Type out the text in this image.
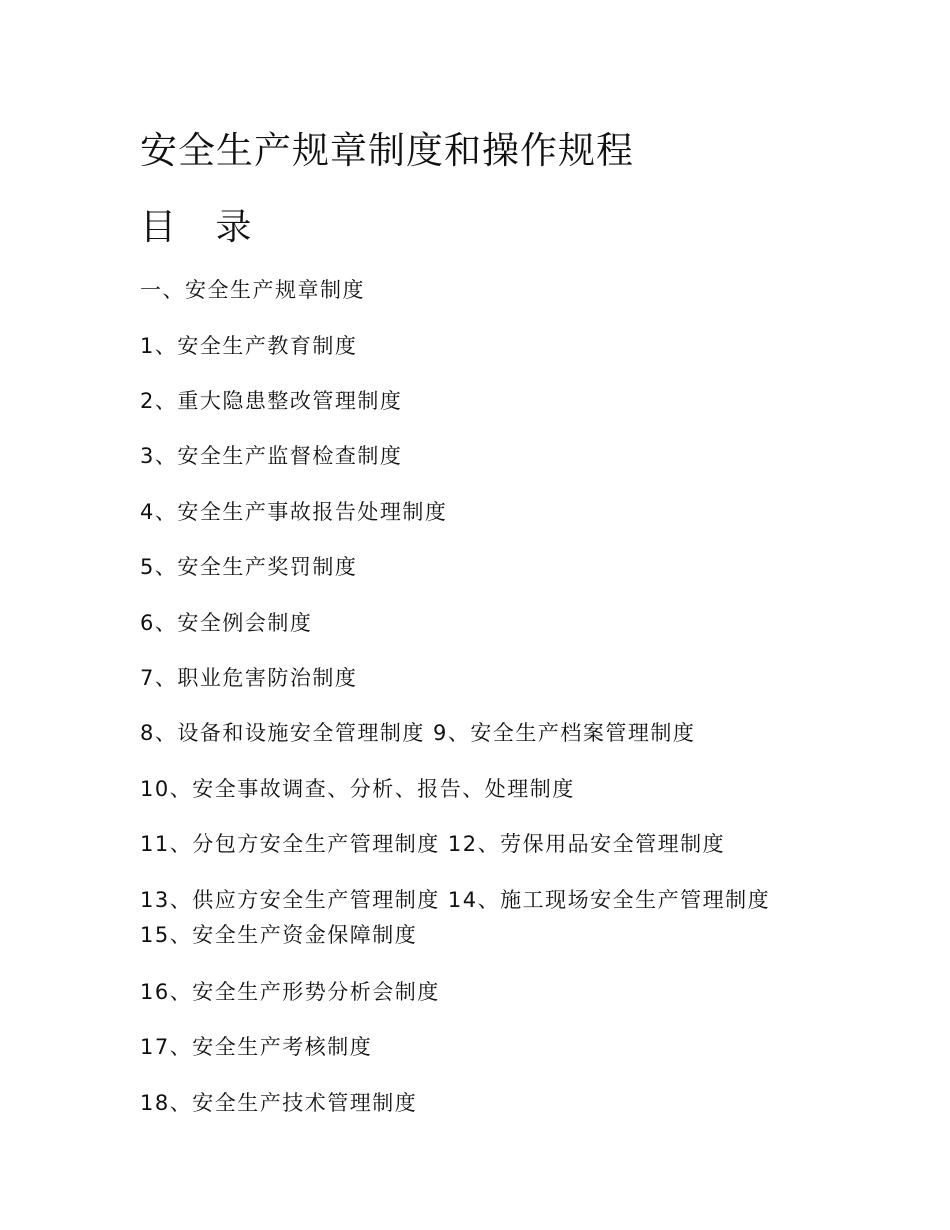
安全生产规章制度和操作规程
目 录

一、安全生产规章制度

1、安全生产教育制度

2、重大隐患整改管理制度

3、安全生产监督检查制度

4、安全生产事故报告处理制度

5、安全生产奖罚制度

6、安全例会制度

7、职业危害防治制度

8、设备和设施安全管理制度 9、安全生产档案管理制度

10、安全事故调查、分析、报告、处理制度

11、分包方安全生产管理制度 12、劳保用品安全管理制度

13、供应方安全生产管理制度 14、施工现场安全生产管理制度 15、安全生产资金保障制度

16、安全生产形势分析会制度

17、安全生产考核制度

18、安全生产技术管理制度
